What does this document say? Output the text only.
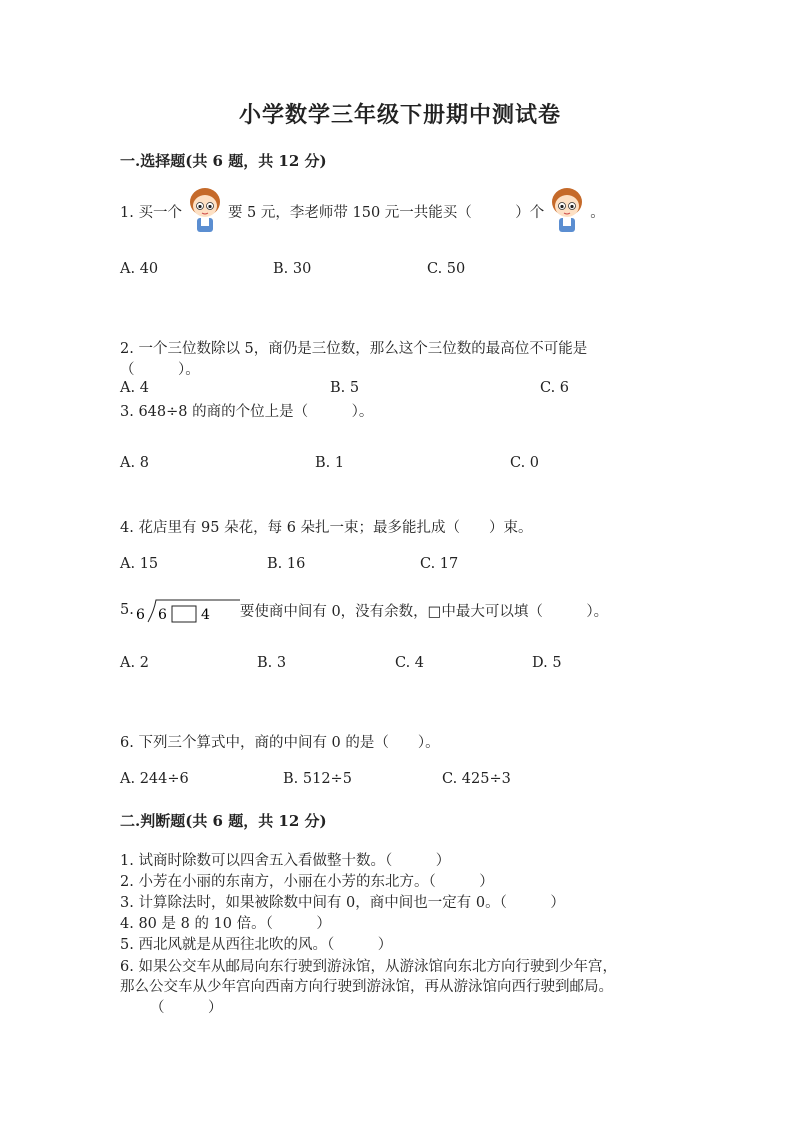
小学数学三年级下册期中测试卷
一.选择题(共 6 题，共 12 分)
1. 买一个	要 5 元，李老师带 150 元一共能买（　　　）个	。
A. 40	B. 30	C. 50
2. 一个三位数除以 5，商仍是三位数，那么这个三位数的最高位不可能是
（　　　）。
A. 4	B. 5	C. 6
3. 648÷8 的商的个位上是（　　　）。
A. 8	B. 1	C. 0
4. 花店里有 95 朵花，每 6 朵扎一束；最多能扎成（　　）束。
A. 15	B. 16	C. 17
5. 6 6 4 要使商中间有 0，没有余数，□中最大可以填（　　　）。
A. 2	B. 3	C. 4	D. 5
6. 下列三个算式中，商的中间有 0 的是（　　）。
A. 244÷6	B. 512÷5	C. 425÷3
二.判断题(共 6 题，共 12 分)
1. 试商时除数可以四舍五入看做整十数。（　　　）
2. 小芳在小丽的东南方，小丽在小芳的东北方。（　　　）
3. 计算除法时，如果被除数中间有 0，商中间也一定有 0。（　　　）
4. 80 是 8 的 10 倍。（　　　）
5. 西北风就是从西往北吹的风。（　　　）
6. 如果公交车从邮局向东行驶到游泳馆，从游泳馆向东北方向行驶到少年宫，
那么公交车从少年宫向西南方向行驶到游泳馆，再从游泳馆向西行驶到邮局。
（　　　）
